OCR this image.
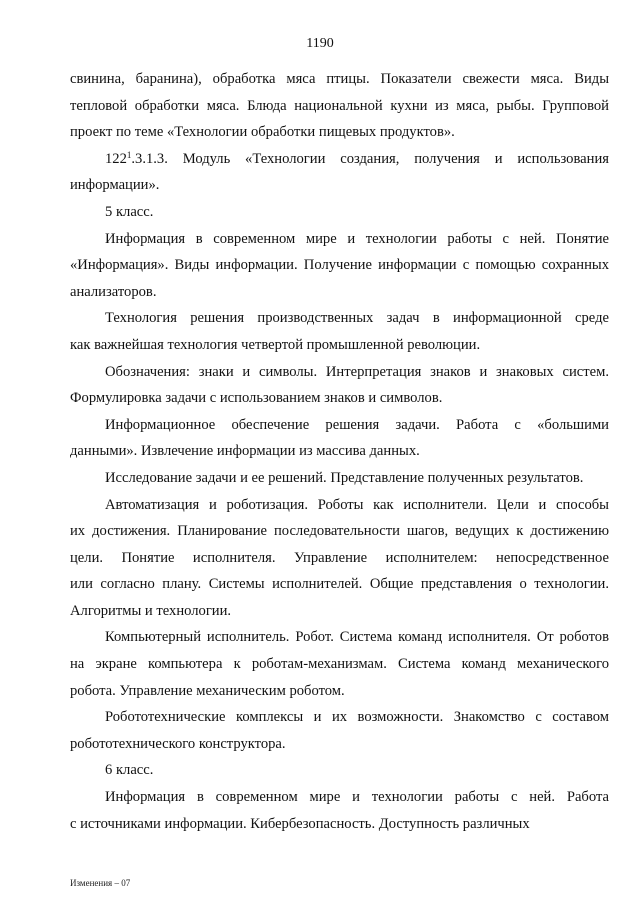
1190
свинина, баранина), обработка мяса птицы. Показатели свежести мяса. Виды
тепловой обработки мяса. Блюда национальной кухни из мяса, рыбы. Групповой
проект по теме «Технологии обработки пищевых продуктов».
$122^1.3.1.3$. Модуль «Технологии создания, получения и использования
информации».
5 класс.
Информация в современном мире и технологии работы с ней. Понятие
«Информация». Виды информации. Получение информации с помощью сохранных
анализаторов.
Технология решения производственных задач в информационной среде
как важнейшая технология четвертой промышленной революции.
Обозначения: знаки и символы. Интерпретация знаков и знаковых систем.
Формулировка задачи с использованием знаков и символов.
Информационное обеспечение решения задачи. Работа с «большими
данными». Извлечение информации из массива данных.
Исследование задачи и ее решений. Представление полученных результатов.
Автоматизация и роботизация. Роботы как исполнители. Цели и способы
их достижения. Планирование последовательности шагов, ведущих к достижению
цели. Понятие исполнителя. Управление исполнителем: непосредственное
или согласно плану. Системы исполнителей. Общие представления о технологии.
Алгоритмы и технологии.
Компьютерный исполнитель. Робот. Система команд исполнителя. От роботов
на экране компьютера к роботам-механизмам. Система команд механического
робота. Управление механическим роботом.
Робототехнические комплексы и их возможности. Знакомство с составом
робототехнического конструктора.
6 класс.
Информация в современном мире и технологии работы с ней. Работа
с источниками информации. Кибербезопасность. Доступность различных
Изменения – 07
